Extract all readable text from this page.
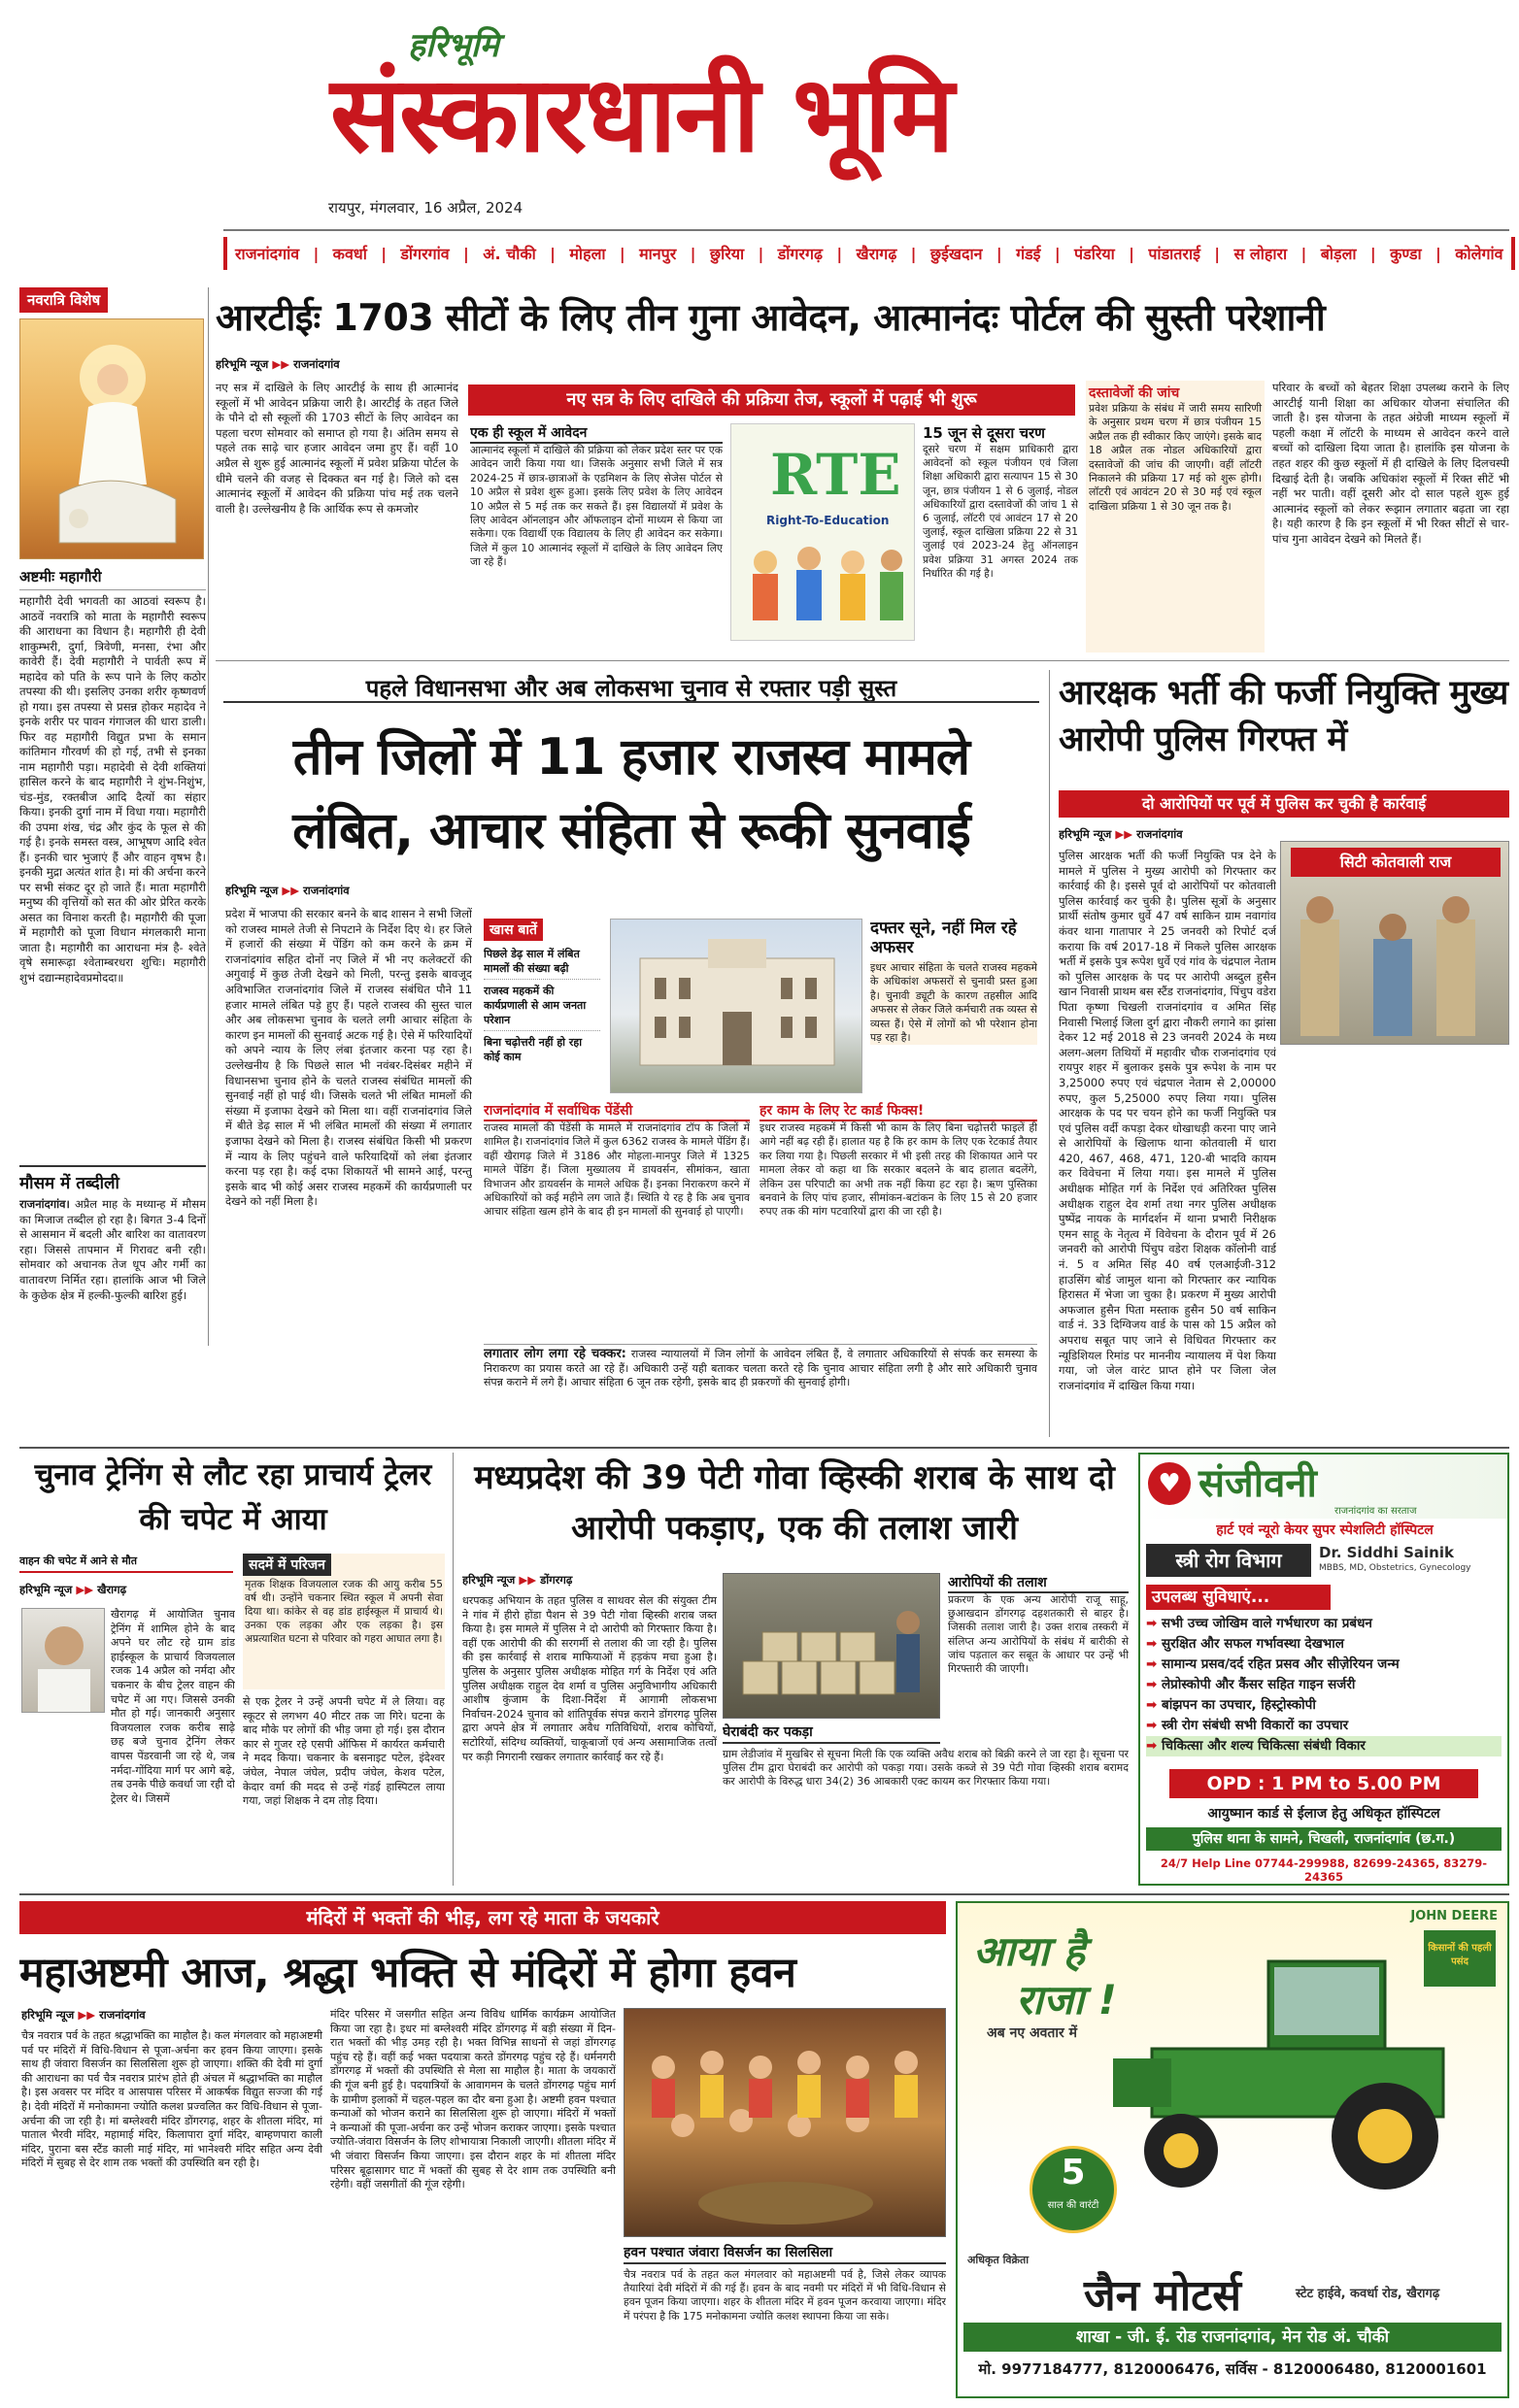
हरिभूमि
संस्कारधानी भूमि
रायपुर, मंगलवार, 16 अप्रैल, 2024
राजनांदगांव | कवर्धा | डोंगरगांव | अं. चौकी | मोहला | मानपुर | छुरिया | डोंगरगढ़ | खैरागढ़ | छुईखदान | गंडई | पंडरिया | पांडातराई | स लोहारा | बोड़ला | कुण्डा | कोलेगांव
नवरात्रि विशेष
अष्टमीः महागौरी
महागौरी देवी भगवती का आठवां स्वरूप है। आठवें नवरात्रि को माता के महागौरी स्वरूप की आराधना का विधान है। महागौरी ही देवी शाकुम्भरी, दुर्गा, त्रिवेणी, मनसा, रंभा और कावेरी हैं। देवी महागौरी ने पार्वती रूप में महादेव को पति के रूप पाने के लिए कठोर तपस्या की थी। इसलिए उनका शरीर कृष्णवर्ण हो गया। इस तपस्या से प्रसन्न होकर महादेव ने इनके शरीर पर पावन गंगाजल की धारा डाली। फिर वह महागौरी विद्युत प्रभा के समान कांतिमान गौरवर्ण की हो गई, तभी से इनका नाम महागौरी पड़ा। महादेवी से देवी शक्तियां हासिल करने के बाद महागौरी ने शुंभ-निशुंभ, चंड-मुंड, रक्तबीज आदि दैत्यों का संहार किया। इनकी दुर्गा नाम में विधा गया। महागौरी की उपमा शंख, चंद्र और कुंद के फूल से की गई है। इनके समस्त वस्त्र, आभूषण आदि श्वेत हैं। इनकी चार भुजाएं हैं और वाहन वृषभ है। इनकी मुद्रा अत्यंत शांत है। मां की अर्चना करने पर सभी संकट दूर हो जाते हैं। माता महागौरी मनुष्य की वृत्तियों को सत की ओर प्रेरित करके असत का विनाश करती है। महागौरी की पूजा में महागौरी को पूजा विधान मंगलकारी माना जाता है। महागौरी का आराधना मंत्र है- श्वेते वृषे समारूढ़ा श्वेताम्बरधरा शुचिः। महागौरी शुभं दद्यान्महादेवप्रमोददा॥
मौसम में तब्दीली
राजनांदगांव। अप्रैल माह के मध्यान्ह में मौसम का मिजाज तब्दील हो रहा है। बिगत 3-4 दिनों से आसमान में बदली और बारिश का वातावरण रहा। जिससे तापमान में गिरावट बनी रही। सोमवार को अचानक तेज धूप और गर्मी का वातावरण निर्मित रहा। हालांकि आज भी जिले के कुछेक क्षेत्र में हल्की-फुल्की बारिश हुई।
आरटीईः 1703 सीटों के लिए तीन गुना आवेदन, आत्मानंदः पोर्टल की सुस्ती परेशानी
हरिभूमि न्यूज ▶▶ राजनांदगांव
नए सत्र में दाखिले के लिए आरटीई के साथ ही आत्मानंद स्कूलों में भी आवेदन प्रक्रिया जारी है। आरटीई के तहत जिले के पौने दो सौ स्कूलों की 1703 सीटों के लिए आवेदन का पहला चरण सोमवार को समाप्त हो गया है। अंतिम समय से पहले तक साढ़े चार हजार आवेदन जमा हुए हैं। वहीं 10 अप्रैल से शुरू हुई आत्मानंद स्कूलों में प्रवेश प्रक्रिया पोर्टल के धीमे चलने की वजह से दिक्कत बन गई है। जिले को दस आत्मानंद स्कूलों में आवेदन की प्रक्रिया पांच मई तक चलने वाली है। उल्लेखनीय है कि आर्थिक रूप से कमजोर
नए सत्र के लिए दाखिले की प्रक्रिया तेज, स्कूलों में पढ़ाई भी शुरू
एक ही स्कूल में आवेदन
आत्मानंद स्कूलों में दाखिले की प्रक्रिया को लेकर प्रदेश स्तर पर एक आवेदन जारी किया गया था। जिसके अनुसार सभी जिले में सत्र 2024-25 में छात्र-छात्राओं के एडमिशन के लिए सेजेस पोर्टल से 10 अप्रैल से प्रवेश शुरू हुआ। इसके लिए प्रवेश के लिए आवेदन 10 अप्रैल से 5 मई तक कर सकते हैं। इस विद्यालयों में प्रवेश के लिए आवेदन ऑनलाइन और ऑफलाइन दोनों माध्यम से किया जा सकेगा। एक विद्यार्थी एक विद्यालय के लिए ही आवेदन कर सकेगा। जिले में कुल 10 आत्मानंद स्कूलों में दाखिले के लिए आवेदन लिए जा रहे हैं।
RTE
Right-To-Education
15 जून से दूसरा चरण
दूसरे चरण में सक्षम प्राधिकारी द्वारा आवेदनों को स्कूल पंजीयन एवं जिला शिक्षा अधिकारी द्वारा सत्यापन 15 से 30 जून, छात्र पंजीयन 1 से 6 जुलाई, नोडल अधिकारियों द्वारा दस्तावेजों की जांच 1 से 6 जुलाई, लॉटरी एवं आवंटन 17 से 20 जुलाई, स्कूल दाखिला प्रक्रिया 22 से 31 जुलाई एवं 2023-24 हेतु ऑनलाइन प्रवेश प्रक्रिया 31 अगस्त 2024 तक निर्धारित की गई है।
दस्तावेजों की जांच
प्रवेश प्रक्रिया के संबंध में जारी समय सारिणी के अनुसार प्रथम चरण में छात्र पंजीयन 15 अप्रैल तक ही स्वीकार किए जाएंगे। इसके बाद 18 अप्रैल तक नोडल अधिकारियों द्वारा दस्तावेजों की जांच की जाएगी। वहीं लॉटरी निकालने की प्रक्रिया 17 मई को शुरू होगी। लॉटरी एवं आवंटन 20 से 30 मई एवं स्कूल दाखिला प्रक्रिया 1 से 30 जून तक है।
परिवार के बच्चों को बेहतर शिक्षा उपलब्ध कराने के लिए आरटीई यानी शिक्षा का अधिकार योजना संचालित की जाती है। इस योजना के तहत अंग्रेजी माध्यम स्कूलों में पहली कक्षा में लॉटरी के माध्यम से आवेदन करने वाले बच्चों को दाखिला दिया जाता है। हालांकि इस योजना के तहत शहर की कुछ स्कूलों में ही दाखिले के लिए दिलचस्पी दिखाई देती है। जबकि अधिकांश स्कूलों में रिक्त सीटें भी नहीं भर पाती। वहीं दूसरी ओर दो साल पहले शुरू हुई आत्मानंद स्कूलों को लेकर रूझान लगातार बढ़ता जा रहा है। यही कारण है कि इन स्कूलों में भी रिक्त सीटों से चार-पांच गुना आवेदन देखने को मिलते हैं।
पहले विधानसभा और अब लोकसभा चुनाव से रफ्तार पड़ी सुस्त
तीन जिलों में 11 हजार राजस्व मामले
लंबित, आचार संहिता से रूकी सुनवाई
हरिभूमि न्यूज ▶▶ राजनांदगांव
प्रदेश में भाजपा की सरकार बनने के बाद शासन ने सभी जिलों को राजस्व मामले तेजी से निपटाने के निर्देश दिए थे। हर जिले में हजारों की संख्या में पेंडिंग को कम करने के क्रम में राजनांदगांव सहित दोनों नए जिले में भी नए कलेक्टरों की अगुवाई में कुछ तेजी देखने को मिली, परन्तु इसके बावजूद अविभाजित राजनांदगांव जिले में राजस्व संबंधित पौने 11 हजार मामले लंबित पड़े हुए हैं। पहले राजस्व की सुस्त चाल और अब लोकसभा चुनाव के चलते लगी आचार संहिता के कारण इन मामलों की सुनवाई अटक गई है। ऐसे में फरियादियों को अपने न्याय के लिए लंबा इंतजार करना पड़ रहा है। उल्लेखनीय है कि पिछले साल भी नवंबर-दिसंबर महीने में विधानसभा चुनाव होने के चलते राजस्व संबंधित मामलों की सुनवाई नहीं हो पाई थी। जिसके चलते भी लंबित मामलों की संख्या में इजाफा देखने को मिला था। वहीं राजनांदगांव जिले में बीते डेढ़ साल में भी लंबित मामलों की संख्या में लगातार इजाफा देखने को मिला है। राजस्व संबंधित किसी भी प्रकरण में न्याय के लिए पहुंचने वाले फरियादियों को लंबा इंतजार करना पड़ रहा है। कई दफा शिकायतें भी सामने आई, परन्तु इसके बाद भी कोई असर राजस्व महकमें की कार्यप्रणाली पर देखने को नहीं मिला है।
खास बातें
पिछले डेढ़ साल में लंबित मामलों की संख्या बढ़ी
राजस्व महकमें की कार्यप्रणाली से आम जनता परेशान
बिना चढ़ोत्तरी नहीं हो रहा कोई काम
दफ्तर सूने, नहीं मिल रहे अफसर
इधर आचार संहिता के चलते राजस्व महकमे के अधिकांश अफसरों से चुनावी प्रस्त हुआ है। चुनावी ड्यूटी के कारण तहसील आदि अफसर से लेकर जिले कर्मचारी तक व्यस्त से व्यस्त हैं। ऐसे में लोगों को भी परेशान होना पड़ रहा है।
राजनांदगांव में सर्वाधिक पेंडेंसी
राजस्व मामलों की पेंडेंसी के मामले में राजनांदगांव टॉप के जिलों में शामिल है। राजनांदगांव जिले में कुल 6362 राजस्व के मामले पेंडिंग हैं। वहीं खैरागढ़ जिले में 3186 और मोहला-मानपुर जिले में 1325 मामले पेंडिंग हैं। जिला मुख्यालय में डायवर्सन, सीमांकन, खाता विभाजन और डायवर्सन के मामले अधिक हैं। इनका निराकरण करने में अधिकारियों को कई महीने लग जाते हैं। स्थिति ये रह है कि अब चुनाव आचार संहिता खत्म होने के बाद ही इन मामलों की सुनवाई हो पाएगी।
हर काम के लिए रेट कार्ड फिक्स!
इधर राजस्व महकमें में किसी भी काम के लिए बिना चढ़ोत्तरी फाइलें ही आगे नहीं बढ़ रही हैं। हालात यह है कि हर काम के लिए एक रेटकार्ड तैयार कर लिया गया है। पिछली सरकार में भी इसी तरह की शिकायत आने पर मामला लेकर वो कहा था कि सरकार बदलने के बाद हालात बदलेंगे, लेकिन उस परिपाटी का अभी तक नहीं किया हट रहा है। ऋण पुस्तिका बनवाने के लिए पांच हजार, सीमांकन-बटांकन के लिए 15 से 20 हजार रुपए तक की मांग पटवारियों द्वारा की जा रही है।
लगातार लोग लगा रहे चक्कर: राजस्व न्यायालयों में जिन लोगों के आवेदन लंबित हैं, वे लगातार अधिकारियों से संपर्क कर समस्या के निराकरण का प्रयास करते आ रहे हैं। अधिकारी उन्हें यही बताकर चलता करते रहे कि चुनाव आचार संहिता लगी है और सारे अधिकारी चुनाव संपन्न कराने में लगे हैं। आचार संहिता 6 जून तक रहेगी, इसके बाद ही प्रकरणों की सुनवाई होगी।
आरक्षक भर्ती की फर्जी नियुक्ति मुख्य आरोपी पुलिस गिरफ्त में
दो आरोपियों पर पूर्व में पुलिस कर चुकी है कार्रवाई
हरिभूमि न्यूज ▶▶ राजनांदगांव
सिटी कोतवाली राज
पुलिस आरक्षक भर्ती की फर्जी नियुक्ति पत्र देने के मामले में पुलिस ने मुख्य आरोपी को गिरफ्तार कर कार्रवाई की है। इससे पूर्व दो आरोपियों पर कोतवाली पुलिस कार्रवाई कर चुकी है। पुलिस सूत्रों के अनुसार प्रार्थी संतोष कुमार धुर्वे 47 वर्ष साकिन ग्राम नवागांव कंवर थाना गातापार ने 25 जनवरी को रिपोर्ट दर्ज कराया कि वर्ष 2017-18 में निकले पुलिस आरक्षक भर्ती में इसके पुत्र रूपेश धुर्वे एवं गांव के चंद्रपाल नेताम को पुलिस आरक्षक के पद पर आरोपी अब्दुल हुसैन खान निवासी प्राथम बस स्टैंड राजनांदगांव, पिंचुप वडेरा पिता कृष्णा चिखली राजनांदगांव व अमित सिंह निवासी भिलाई जिला दुर्ग द्वारा नौकरी लगाने का झांसा देकर 12 मई 2018 से 23 जनवरी 2024 के मध्य अलग-अलग तिथियों में महावीर चौक राजनांदगांव एवं रायपुर शहर में बुलाकर इसके पुत्र रूपेश के नाम पर 3,25000 रुपए एवं चंद्रपाल नेताम से 2,00000 रुपए, कुल 5,25000 रुपए लिया गया। पुलिस आरक्षक के पद पर चयन होने का फर्जी नियुक्ति पत्र एवं पुलिस वर्दी कपड़ा देकर धोखाधड़ी करना पाए जाने से आरोपियों के खिलाफ थाना कोतवाली में धारा 420, 467, 468, 471, 120-बी भादवि कायम कर विवेचना में लिया गया। इस मामले में पुलिस अधीक्षक मोहित गर्ग के निर्देश एवं अतिरिक्त पुलिस अधीक्षक राहुल देव शर्मा तथा नगर पुलिस अधीक्षक पुष्पेंद्र नायक के मार्गदर्शन में थाना प्रभारी निरीक्षक एमन साहू के नेतृत्व में विवेचना के दौरान पूर्व में 26 जनवरी को आरोपी पिंचुप वडेरा शिक्षक कॉलोनी वार्ड नं. 5 व अमित सिंह 40 वर्ष एलआईजी-312 हाउसिंग बोर्ड जामुल थाना को गिरफ्तार कर न्यायिक हिरासत में भेजा जा चुका है। प्रकरण में मुख्य आरोपी अफजाल हुसैन पिता मस्ताक हुसैन 50 वर्ष साकिन वार्ड नं. 33 दिग्विजय वार्ड के पास को 15 अप्रैल को अपराध सबूत पाए जाने से विधिवत गिरफ्तार कर न्यूडिशियल रिमांड पर माननीय न्यायालय में पेश किया गया, जो जेल वारंट प्राप्त होने पर जिला जेल राजनांदगांव में दाखिल किया गया।
चुनाव ट्रेनिंग से लौट रहा प्राचार्य ट्रेलर की चपेट में आया
वाहन की चपेट में आने से मौत
हरिभूमि न्यूज ▶▶ खैरागढ़
खैरागढ़ में आयोजित चुनाव ट्रेनिंग में शामिल होने के बाद अपने घर लौट रहे ग्राम डांड हाईस्कूल के प्राचार्य विजयलाल रजक 14 अप्रैल को नर्मदा और चकनार के बीच ट्रेलर वाहन की चपेट में आ गए। जिससे उनकी मौत हो गई। जानकारी अनुसार विजयलाल रजक करीब साढ़े छह बजे चुनाव ट्रेनिंग लेकर वापस पेंडरवानी जा रहे थे, जब नर्मदा-गोंदिया मार्ग पर आगे बढ़े, तब उनके पीछे कवर्धा जा रही दो ट्रेलर थे। जिसमें
सदमें में परिजन
मृतक शिक्षक विजयलाल रजक की आयु करीब 55 वर्ष थी। उन्होंने चकनार स्थित स्कूल में अपनी सेवा दिया था। कांकेर से वह डांड हाईस्कूल में प्राचार्य थे। उनका एक लड़का और एक लड़का है। इस अप्रत्याशित घटना से परिवार को गहरा आघात लगा है।
से एक ट्रेलर ने उन्हें अपनी चपेट में ले लिया। वह स्कूटर से लगभग 40 मीटर तक जा गिरे। घटना के बाद मौके पर लोगों की भीड़ जमा हो गई। इस दौरान कार से गुजर रहे एसपी ऑफिस में कार्यरत कर्मचारी ने मदद किया। चकनार के बसनाइट पटेल, इंदेश्वर जंघेल, नेपाल जंघेल, प्रदीप जंघेल, केशव पटेल, केदार वर्मा की मदद से उन्हें गंडई हास्पिटल लाया गया, जहां शिक्षक ने दम तोड़ दिया।
मध्यप्रदेश की 39 पेटी गोवा व्हिस्की शराब के साथ दो आरोपी पकड़ाए, एक की तलाश जारी
हरिभूमि न्यूज ▶▶ डोंगरगढ़
धरपकड़ अभियान के तहत पुलिस व साथवर सेल की संयुक्त टीम ने गांव में हीरो होंडा पैशन से 39 पेटी गोवा व्हिस्की शराब जब्त किया है। इस मामले में पुलिस ने दो आरोपी को गिरफ्तार किया है। वहीं एक आरोपी की की सरगर्मी से तलाश की जा रही है। पुलिस की इस कार्रवाई से शराब माफियाओं में हड़कंप मचा हुआ है। पुलिस के अनुसार पुलिस अधीक्षक मोहित गर्ग के निर्देश एवं अति पुलिस अधीक्षक राहुल देव शर्मा व पुलिस अनुविभागीय अधिकारी आशीष कुंजाम के दिशा-निर्देश में आगामी लोकसभा निर्वाचन-2024 चुनाव को शांतिपूर्वक संपन्न कराने डोंगरगढ़ पुलिस द्वारा अपने क्षेत्र में लगातार अवैध गतिविधियों, शराब कोचियों, सटोरियों, संदिग्ध व्यक्तियों, चाकूबाजों एवं अन्य असामाजिक तत्वों पर कड़ी निगरानी रखकर लगातार कार्रवाई कर रहे हैं।
घेराबंदी कर पकड़ा
ग्राम लेडीजांव में मुखबिर से सूचना मिली कि एक व्यक्ति अवैध शराब को बिक्री करने ले जा रहा है। सूचना पर पुलिस टीम द्वारा घेराबंदी कर आरोपी को पकड़ा गया। उसके कब्जे से 39 पेटी गोवा व्हिस्की शराब बरामद कर आरोपी के विरुद्ध धारा 34(2) 36 आबकारी एक्ट कायम कर गिरफ्तार किया गया।
आरोपियों की तलाश
प्रकरण के एक अन्य आरोपी राजू साहू, छुआखदान डोंगरगढ़ दहशतकारी से बाहर है। जिसकी तलाश जारी है। उक्त शराब तस्करी में संलिप्त अन्य आरोपियों के संबंध में बारीकी से जांच पड़ताल कर सबूत के आधार पर उन्हें भी गिरफ्तारी की जाएगी।
♥ संजीवनी
राजनांदगांव का सरताज
हार्ट एवं न्यूरो केयर सुपर स्पेशलिटी हॉस्पिटल
स्त्री रोग विभाग	Dr. Siddhi Sainik
MBBS, MD, Obstetrics, Gynecology
उपलब्ध सुविधाएं...
➡ सभी उच्च जोखिम वाले गर्भधारण का प्रबंधन
➡ सुरक्षित और सफल गर्भावस्था देखभाल
➡ सामान्य प्रसव/दर्द रहित प्रसव और सीज़ेरियन जन्म
➡ लेप्रोस्कोपी और कैंसर सहित गाइन सर्जरी
➡ बांझपन का उपचार, हिस्ट्रोस्कोपी
➡ स्त्री रोग संबंधी सभी विकारों का उपचार
➡ चिकित्सा और शल्य चिकित्सा संबंधी विकार
OPD : 1 PM to 5.00 PM
आयुष्मान कार्ड से ईलाज हेतु अधिकृत हॉस्पिटल
पुलिस थाना के सामने, चिखली, राजनांदगांव (छ.ग.)
24/7 Help Line 07744-299988, 82699-24365, 83279-24365
मंदिरों में भक्तों की भीड़, लग रहे माता के जयकारे
महाअष्टमी आज, श्रद्धा भक्ति से मंदिरों में होगा हवन
हरिभूमि न्यूज ▶▶ राजनांदगांव
चैत्र नवरात्र पर्व के तहत श्रद्धाभक्ति का माहौल है। कल मंगलवार को महाअष्टमी पर्व पर मंदिरों में विधि-विधान से पूजा-अर्चना कर हवन किया जाएगा। इसके साथ ही जंवारा विसर्जन का सिलसिला शुरू हो जाएगा। शक्ति की देवी मां दुर्गा की आराधना का पर्व चैत्र नवरात्र प्रारंभ होते ही अंचल में श्रद्धाभक्ति का माहौल है। इस अवसर पर मंदिर व आसपास परिसर में आकर्षक विद्युत सज्जा की गई है। देवी मंदिरों में मनोकामना ज्योति कलश प्रज्वलित कर विधि-विधान से पूजा-अर्चना की जा रही है। मां बम्लेश्वरी मंदिर डोंगरगढ़, शहर के शीतला मंदिर, मां पाताल भैरवी मंदिर, महामाई मंदिर, किलापारा दुर्गा मंदिर, बाम्हणपारा काली मंदिर, पुराना बस स्टैंड काली माई मंदिर, मां भानेश्वरी मंदिर सहित अन्य देवी मंदिरों में सुबह से देर शाम तक भक्तों की उपस्थिति बन रही है।
मंदिर परिसर में जसगीत सहित अन्य विविध धार्मिक कार्यक्रम आयोजित किया जा रहा है। इधर मां बम्लेश्वरी मंदिर डोंगरगढ़ में बड़ी संख्या में दिन-रात भक्तों की भीड़ उमड़ रही है। भक्त विभिन्न साधनों से जहां डोंगरगढ़ पहुंच रहे हैं। वहीं कई भक्त पदयात्रा करते डोंगरगढ़ पहुंच रहे हैं। धर्मनगरी डोंगरगढ़ में भक्तों की उपस्थिति से मेला सा माहौल है। माता के जयकारों की गूंज बनी हुई है। पदयात्रियों के आवागमन के चलते डोंगरगढ़ पहुंच मार्ग के ग्रामीण इलाकों में चहल-पहल का दौर बना हुआ है। अष्टमी हवन पश्चात कन्याओं को भोजन कराने का सिलसिला शुरू हो जाएगा। मंदिरों में भक्तों ने कन्याओं की पूजा-अर्चना कर उन्हें भोजन कराकर जाएगा। इसके पश्चात ज्योति-जंवारा विसर्जन के लिए शोभायात्रा निकाली जाएगी। शीतला मंदिर में भी जंवारा विसर्जन किया जाएगा। इस दौरान शहर के मां शीतला मंदिर परिसर बूढ़ासागर घाट में भक्तों की सुबह से देर शाम तक उपस्थिति बनी रहेगी। वहीं जसगीतों की गूंज रहेगी।
हवन पश्चात जंवारा विसर्जन का सिलसिला
चैत्र नवरात्र पर्व के तहत कल मंगलवार को महाअष्टमी पर्व है, जिसे लेकर व्यापक तैयारियां देवी मंदिरों में की गई हैं। हवन के बाद नवमी पर मंदिरों में भी विधि-विधान से हवन पूजन किया जाएगा। शहर के शीतला मंदिर में हवन पूजन करवाया जाएगा। मंदिर में परंपरा है कि 175 मनोकामना ज्योति कलश स्थापना किया जा सके।
JOHN DEERE
किसानों की पहली पसंद
आया है
राजा !
अब नए अवतार में
5
साल की वारंटी
अधिकृत विक्रेता
जैन मोटर्स	स्टेट हाईवे, कवर्धा रोड, खैरागढ़
शाखा - जी. ई. रोड राजनांदगांव, मेन रोड अं. चौकी
मो. 9977184777, 8120006476, सर्विस - 8120006480, 8120001601
